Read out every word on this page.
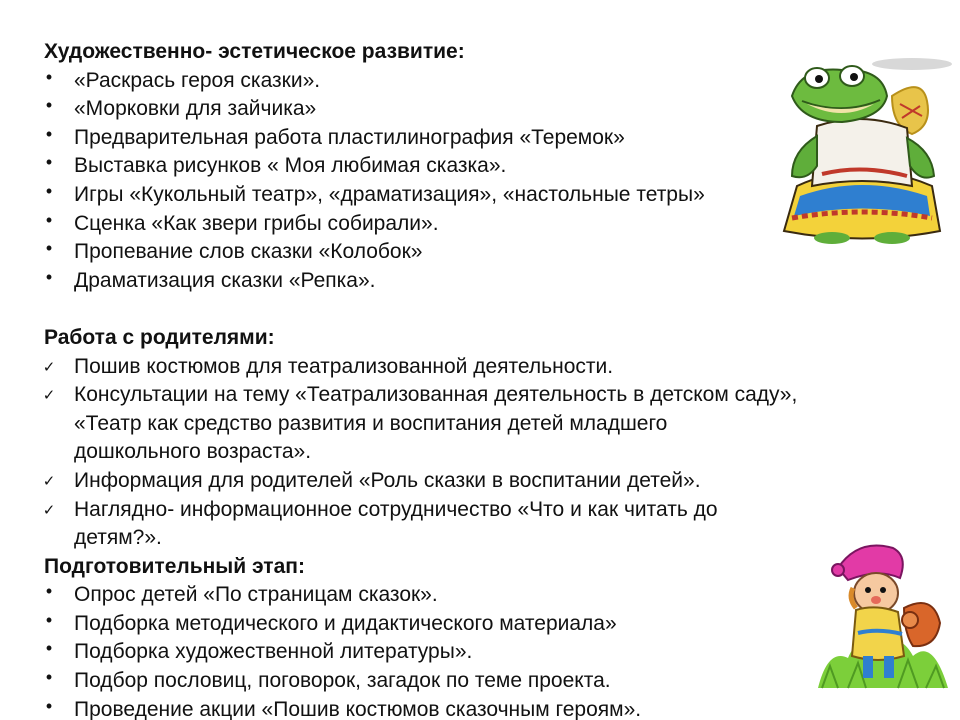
Художественно- эстетическое развитие:
• «Раскрась героя сказки».
• «Морковки для зайчика»
• Предварительная работа пластилинография «Теремок»
• Выставка рисунков « Моя любимая сказка».
• Игры «Кукольный театр», «драматизация», «настольные тетры»
• Сценка «Как звери грибы собирали».
• Пропевание слов сказки «Колобок»
• Драматизация сказки «Репка».
Работа с родителями:
✓ Пошив костюмов для театрализованной деятельности.
✓ Консультации на тему «Театрализованная деятельность в детском саду»,
«Театр как средство развития и воспитания детей младшего
дошкольного возраста».
✓ Информация для родителей «Роль сказки в воспитании детей».
✓ Наглядно- информационное сотрудничество «Что и как читать до
детям?».
Подготовительный этап:
• Опрос детей «По страницам сказок».
• Подборка методического и дидактического материала»
• Подборка художественной литературы».
• Подбор пословиц, поговорок, загадок по теме проекта.
• Проведение акции «Пошив костюмов сказочным героям».
